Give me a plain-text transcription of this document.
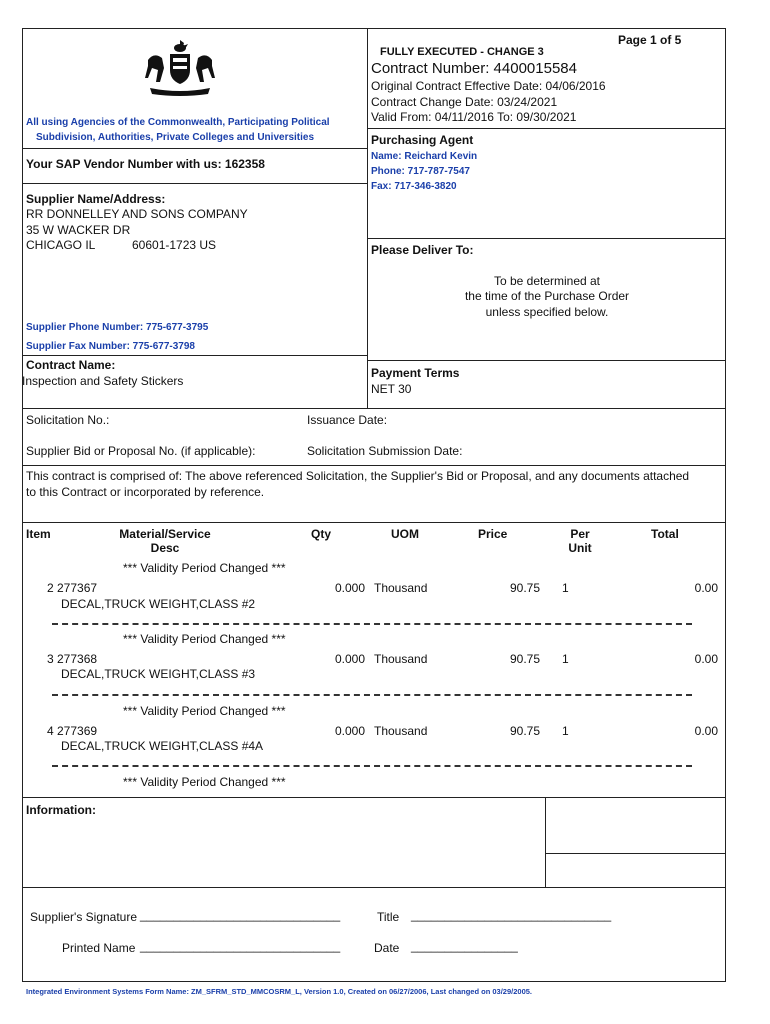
Page 1 of 5
FULLY EXECUTED - CHANGE 3
Contract Number: 4400015584
Original Contract Effective Date: 04/06/2016
Contract Change Date: 03/24/2021
Valid From: 04/11/2016 To: 09/30/2021
All using Agencies of the Commonwealth, Participating Political
Subdivision, Authorities, Private Colleges and Universities
Your SAP Vendor Number with us: 162358
Purchasing Agent
Name: Reichard Kevin
Phone: 717-787-7547
Fax: 717-346-3820
Supplier Name/Address:
RR DONNELLEY AND SONS COMPANY
35 W WACKER DR
CHICAGO IL	60601-1723 US
Supplier Phone Number: 775-677-3795
Supplier Fax Number: 775-677-3798
Please Deliver To:
To be determined at
the time of the Purchase Order
unless specified below.
Contract Name:
Inspection and Safety Stickers
Payment Terms
NET 30
Solicitation No.:	Issuance Date:
Supplier Bid or Proposal No. (if applicable):	Solicitation Submission Date:
This contract is comprised of: The above referenced Solicitation, the Supplier's Bid or Proposal, and any documents attached
to this Contract or incorporated by reference.
Item	Material/Service
Desc
Qty	UOM	Price	Per
Unit
Total
*** Validity Period Changed ***
2 277367	0.000 Thousand	90.75 1	0.00
DECAL,TRUCK WEIGHT,CLASS #2
*** Validity Period Changed ***
3 277368	0.000 Thousand	90.75 1	0.00
DECAL,TRUCK WEIGHT,CLASS #3
*** Validity Period Changed ***
4 277369	0.000 Thousand	90.75 1	0.00
DECAL,TRUCK WEIGHT,CLASS #4A
*** Validity Period Changed ***
Information:
Supplier's Signature ______________________________	Title ______________________________
Printed Name ______________________________	Date ________________
Integrated Environment Systems Form Name: ZM_SFRM_STD_MMCOSRM_L, Version 1.0, Created on 06/27/2006, Last changed on 03/29/2005.
